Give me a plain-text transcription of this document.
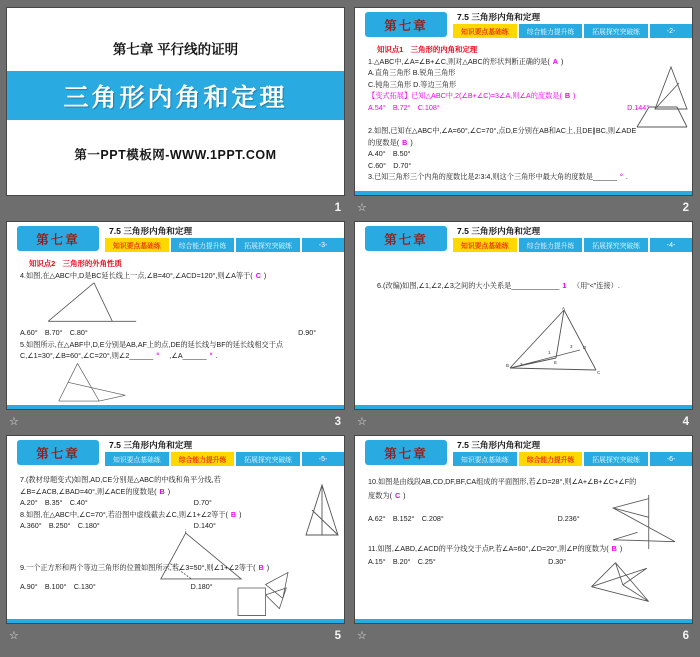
第七章 平行线的证明
三角形内角和定理
第一PPT模板网-WWW.1PPT.COM
1
第七章
7.5 三角形内角和定理
知识要点基础练	综合能力提升练	拓展探究突破练	-2-
知识点1　三角形的内角和定理
1.△ABC中,∠A=∠B+∠C,则对△ABC的形状判断正确的是( A )
A.直角三角形 B.锐角三角形
C.钝角三角形 D.等边三角形
【变式拓展】已知△ABC中,2(∠B+∠C)=3∠A,则∠A的度数是( B )
A.54°　B.72°　C.108°	D.144°
2.如图,已知在△ABC中,∠A=60°,∠C=70°,点D,E分别在AB和AC上,且DE∥BC,则∠ADE
的度数是( B )
A.40°　B.50°
C.60°　D.70°
3.已知三角形三个内角的度数比是2∶3∶4,则这个三角形中最大角的度数是______ ° .
☆	2
第七章
7.5 三角形内角和定理
知识要点基础练	综合能力提升练	拓展探究突破练	-3-
知识点2　三角形的外角性质
4.如图,在△ABC中,D是BC延长线上一点,∠B=40°,∠ACD=120°,则∠A等于( C )
A.60°　B.70°　C.80°	D.90°
5.如图所示,在△ABF中,D,E分别是AB,AF上的点,DE的延长线与BF的延长线相交于点
C,∠1=30°,∠B=60°,∠C=20°,则∠2______ °　,∠A______ ° .
☆	3
第七章
7.5 三角形内角和定理
知识要点基础练	综合能力提升练	拓展探究突破练	-4-
6.(改编)如图,∠1,∠2,∠3之间的大小关系是____________ 1　（用“<”连接）.
A
B
C
D
E
1
2
3
☆	4
第七章
7.5 三角形内角和定理
知识要点基础练	综合能力提升练	拓展探究突破练	-5-
7.(教材母题变式)如图,AD,CE分别是△ABC的中线和角平分线,若
∠B=∠ACB,∠BAD=40°,则∠ACE的度数是( B )
A.20°　B.35°　C.40°	D.70°
8.如图,在△ABC中,∠C=70°,若沿图中虚线截去∠C,则∠1+∠2等于( B )
A.360°　B.250°　C.180°	D.140°
9.一个正方形和两个等边三角形的位置如图所示,若∠3=50°,则∠1+∠2等于( B )
A.90°　B.100°　C.130°	D.180°
☆	5
第七章
7.5 三角形内角和定理
知识要点基础练	综合能力提升练	拓展探究突破练	-6-
10.如图是由线段AB,CD,DF,BF,CA组成的平面图形,若∠D=28°,则∠A+∠B+∠C+∠F的
度数为( C )
A.62°　B.152°　C.208°	D.236°
11.如图,∠ABD,∠ACD的平分线交于点P,若∠A=60°,∠D=20°,则∠P的度数为( B )
A.15°　B.20°　C.25°	D.30°
☆	6
